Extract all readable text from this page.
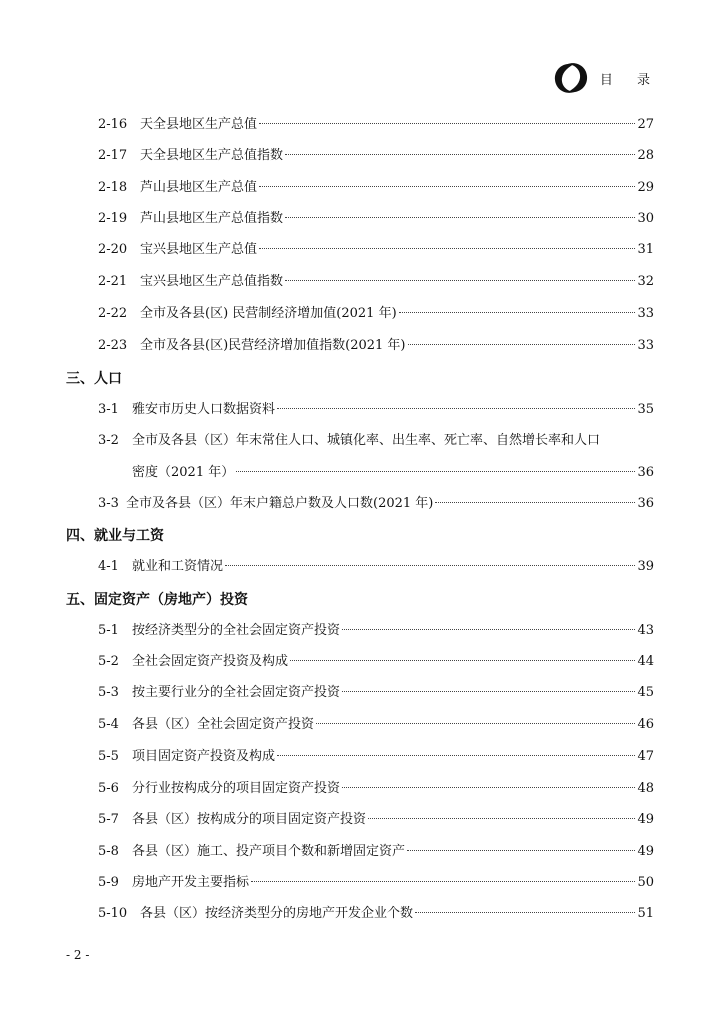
目 录
2-16 天全县地区生产总值	27
2-17 天全县地区生产总值指数	28
2-18 芦山县地区生产总值	29
2-19 芦山县地区生产总值指数	30
2-20 宝兴县地区生产总值	31
2-21 宝兴县地区生产总值指数	32
2-22 全市及各县(区) 民营制经济增加值(2021 年)	33
2-23 全市及各县(区)民营经济增加值指数(2021 年)	33
三、人口
3-1	雅安市历史人口数据资料	35
3-2 全市及各县（区）年末常住人口、城镇化率、出生率、死亡率、自然增长率和人口
密度（2021 年）	36
3-3 全市及各县（区）年末户籍总户数及人口数(2021 年)	36
四、就业与工资
4-1	就业和工资情况	39
五、固定资产（房地产）投资
5-1	按经济类型分的全社会固定资产投资	43
5-2	全社会固定资产投资及构成	44
5-3	按主要行业分的全社会固定资产投资	45
5-4	各县（区）全社会固定资产投资	46
5-5	项目固定资产投资及构成	47
5-6	分行业按构成分的项目固定资产投资	48
5-7	各县（区）按构成分的项目固定资产投资	49
5-8	各县（区）施工、投产项目个数和新增固定资产	49
5-9	房地产开发主要指标	50
5-10 各县（区）按经济类型分的房地产开发企业个数	51
- 2 -
